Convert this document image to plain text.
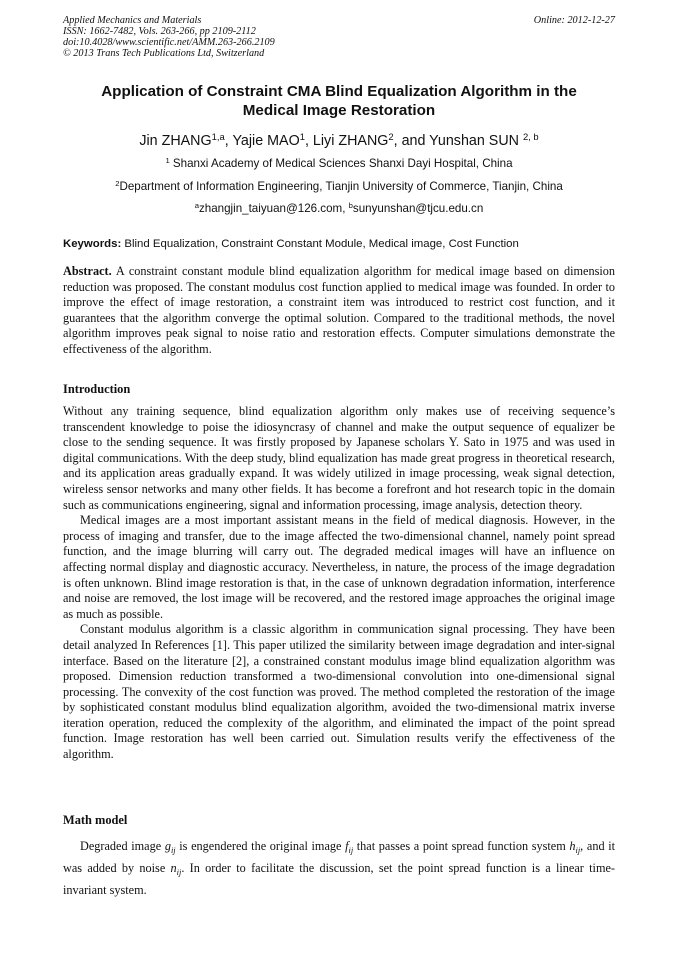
Applied Mechanics and Materials
ISSN: 1662-7482, Vols. 263-266, pp 2109-2112
doi:10.4028/www.scientific.net/AMM.263-266.2109
© 2013 Trans Tech Publications Ltd, Switzerland
Online: 2012-12-27
Application of Constraint CMA Blind Equalization Algorithm in the
Medical Image Restoration
Jin ZHANG$^{1,a}$, Yajie MAO$^1$, Liyi ZHANG$^2$, and Yunshan SUN $^{2, b}$
$^1$ Shanxi Academy of Medical Sciences Shanxi Dayi Hospital, China
$^2$Department of Information Engineering, Tianjin University of Commerce, Tianjin, China
$^a$zhangjin_taiyuan@126.com, $^b$sunyunshan@tjcu.edu.cn
Keywords: Blind Equalization, Constraint Constant Module, Medical image, Cost Function

Abstract. A constraint constant module blind equalization algorithm for medical image based on dimension reduction was proposed. The constant modulus cost function applied to medical image was founded. In order to improve the effect of image restoration, a constraint item was introduced to restrict cost function, and it guarantees that the algorithm converge the optimal solution. Compared to the traditional methods, the novel algorithm improves peak signal to noise ratio and restoration effects. Computer simulations demonstrate the effectiveness of the algorithm.

Introduction

Without any training sequence, blind equalization algorithm only makes use of receiving sequence’s transcendent knowledge to poise the idiosyncrasy of channel and make the output sequence of equalizer be close to the sending sequence. It was firstly proposed by Japanese scholars Y. Sato in 1975 and was used in digital communications. With the deep study, blind equalization has made great progress in theoretical research, and its application areas gradually expand. It was widely utilized in image processing, weak signal detection, wireless sensor networks and many other fields. It has become a forefront and hot research topic in the domain such as communications engineering, signal and information processing, image analysis, detection theory.

Medical images are a most important assistant means in the field of medical diagnosis. However, in the process of imaging and transfer, due to the image affected the two-dimensional channel, namely point spread function, and the image blurring will carry out. The degraded medical images will have an influence on affecting normal display and diagnostic accuracy. Nevertheless, in nature, the process of the image degradation is often unknown. Blind image restoration is that, in the case of unknown degradation information, interference and noise are removed, the lost image will be recovered, and the restored image approaches the original image as much as possible.

Constant modulus algorithm is a classic algorithm in communication signal processing. They have been detail analyzed In References [1]. This paper utilized the similarity between image degradation and inter-signal interface. Based on the literature [2], a constrained constant modulus image blind equalization algorithm was proposed. Dimension reduction transformed a two-dimensional convolution into one-dimensional signal processing. The convexity of the cost function was proved. The method completed the restoration of the image by sophisticated constant modulus blind equalization algorithm, avoided the two-dimensional matrix inverse iteration operation, reduced the complexity of the algorithm, and eliminated the impact of the point spread function. Image restoration has well been carried out. Simulation results verify the effectiveness of the algorithm.

Math model

Degraded image $g_{ij}$ is engendered the original image $f_{ij}$ that passes a point spread function system $h_{ij}$, and it was added by noise $n_{ij}$. In order to facilitate the discussion, set the point spread function is a linear time-invariant system.
